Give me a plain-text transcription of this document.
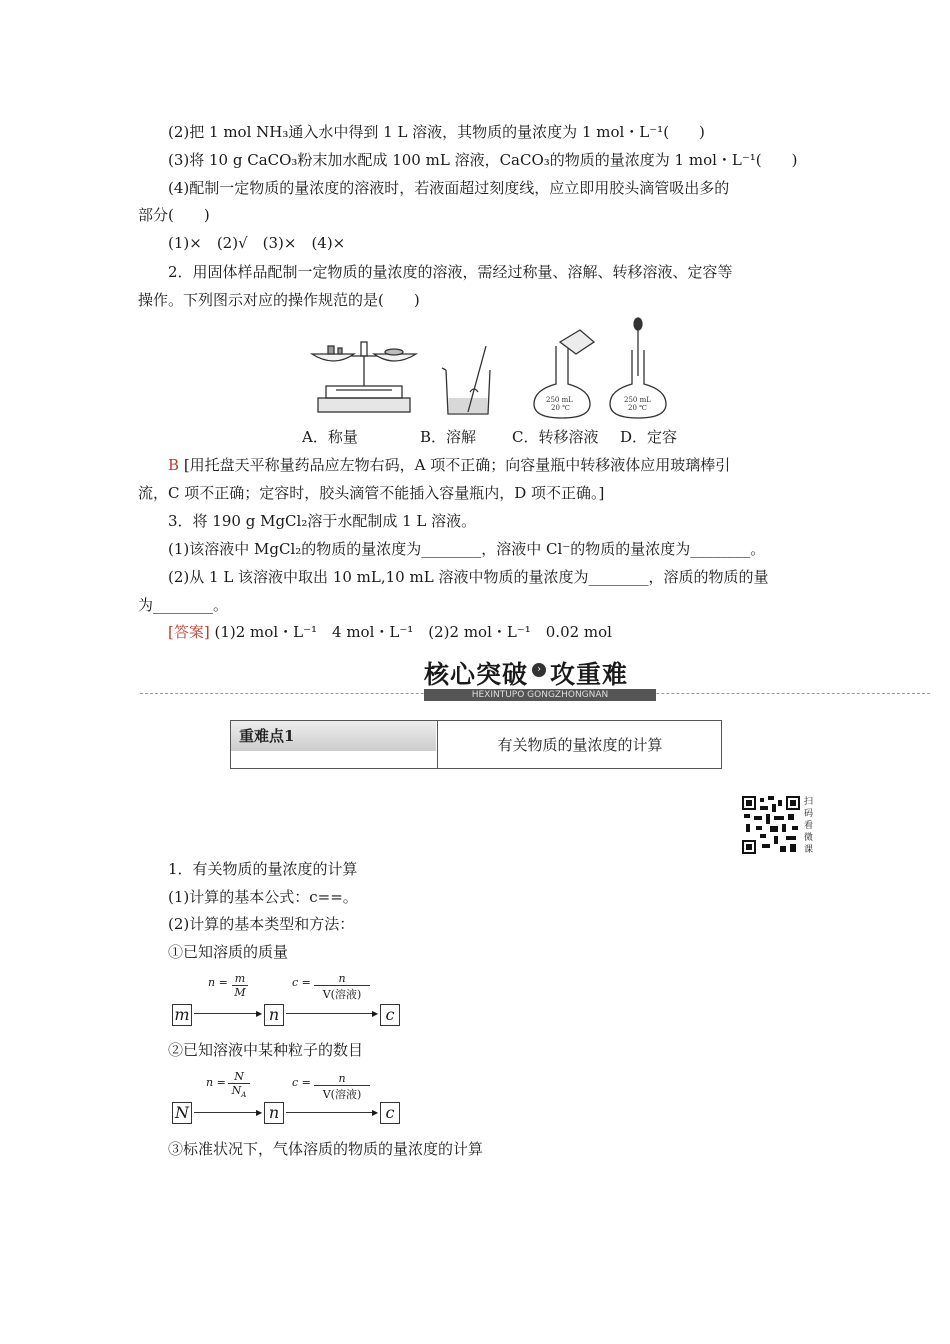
(2)把 1 mol NH₃通入水中得到 1 L 溶液，其物质的量浓度为 1 mol・L⁻¹(　　)
(3)将 10 g CaCO₃粉末加水配成 100 mL 溶液，CaCO₃的物质的量浓度为 1 mol・L⁻¹(　　)
(4)配制一定物质的量浓度的溶液时，若液面超过刻度线，应立即用胶头滴管吸出多的
部分(　　)
(1)×　(2)√　(3)×　(4)×
2．用固体样品配制一定物质的量浓度的溶液，需经过称量、溶解、转移溶液、定容等
操作。下列图示对应的操作规范的是(　　)
250 mL
20 ℃
250 mL
20 ℃
A．称量	B．溶解 C．转移溶液 D．定容
B [用托盘天平称量药品应左物右码，A 项不正确；向容量瓶中转移液体应用玻璃棒引
流，C 项不正确；定容时，胶头滴管不能插入容量瓶内，D 项不正确。]
3．将 190 g MgCl₂溶于水配制成 1 L 溶液。
(1)该溶液中 MgCl₂的物质的量浓度为________，溶液中 Cl⁻的物质的量浓度为________。
(2)从 1 L 该溶液中取出 10 mL,10 mL 溶液中物质的量浓度为________，溶质的物质的量
为________。
[答案] (1)2 mol・L⁻¹　4 mol・L⁻¹　(2)2 mol・L⁻¹　0.02 mol
核心突破 › 攻重难
HEXINTUPO GONGZHONGNAN
重难点1	有关物质的量浓度的计算
扫码看微课
1．有关物质的量浓度的计算
(1)计算的基本公式：c==。
(2)计算的基本类型和方法：
①已知溶质的质量
m
n = m
M
▶ n
c =	n
V(溶液)
▶ c
②已知溶液中某种粒子的数目
N
n = N
$N_A$
▶ n
c =	n
V(溶液)
▶ c
③标准状况下，气体溶质的物质的量浓度的计算
